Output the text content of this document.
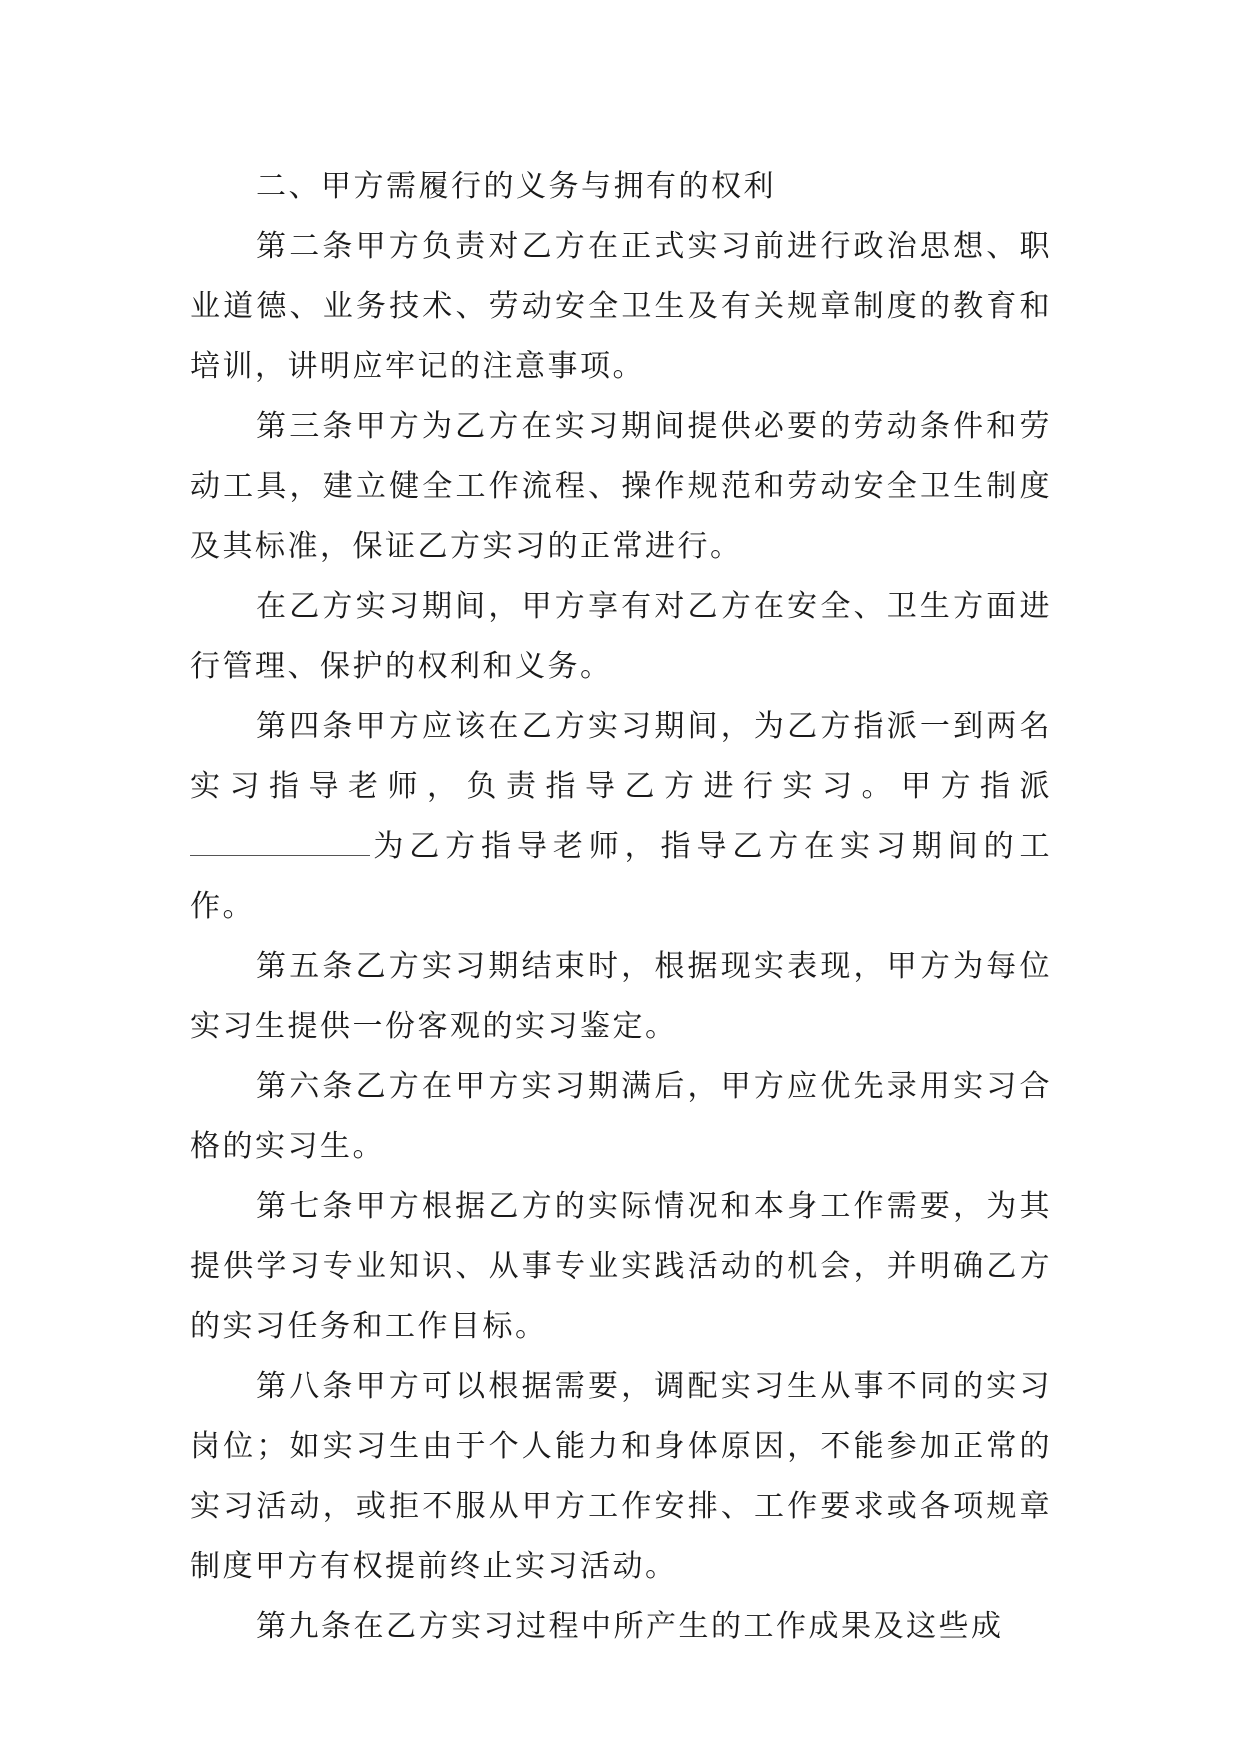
二、甲方需履行的义务与拥有的权利

第二条甲方负责对乙方在正式实习前进行政治思想、职业道德、业务技术、劳动安全卫生及有关规章制度的教育和培训，讲明应牢记的注意事项。

第三条甲方为乙方在实习期间提供必要的劳动条件和劳动工具，建立健全工作流程、操作规范和劳动安全卫生制度及其标准，保证乙方实习的正常进行。

在乙方实习期间，甲方享有对乙方在安全、卫生方面进行管理、保护的权利和义务。

第四条甲方应该在乙方实习期间，为乙方指派一到两名实习指导老师，负责指导乙方进行实习。甲方指派为乙方指导老师，指导乙方在实习期间的工作。

第五条乙方实习期结束时，根据现实表现，甲方为每位实习生提供一份客观的实习鉴定。

第六条乙方在甲方实习期满后，甲方应优先录用实习合格的实习生。

第七条甲方根据乙方的实际情况和本身工作需要，为其提供学习专业知识、从事专业实践活动的机会，并明确乙方的实习任务和工作目标。

第八条甲方可以根据需要，调配实习生从事不同的实习岗位；如实习生由于个人能力和身体原因，不能参加正常的实习活动，或拒不服从甲方工作安排、工作要求或各项规章制度甲方有权提前终止实习活动。

第九条在乙方实习过程中所产生的工作成果及这些成
